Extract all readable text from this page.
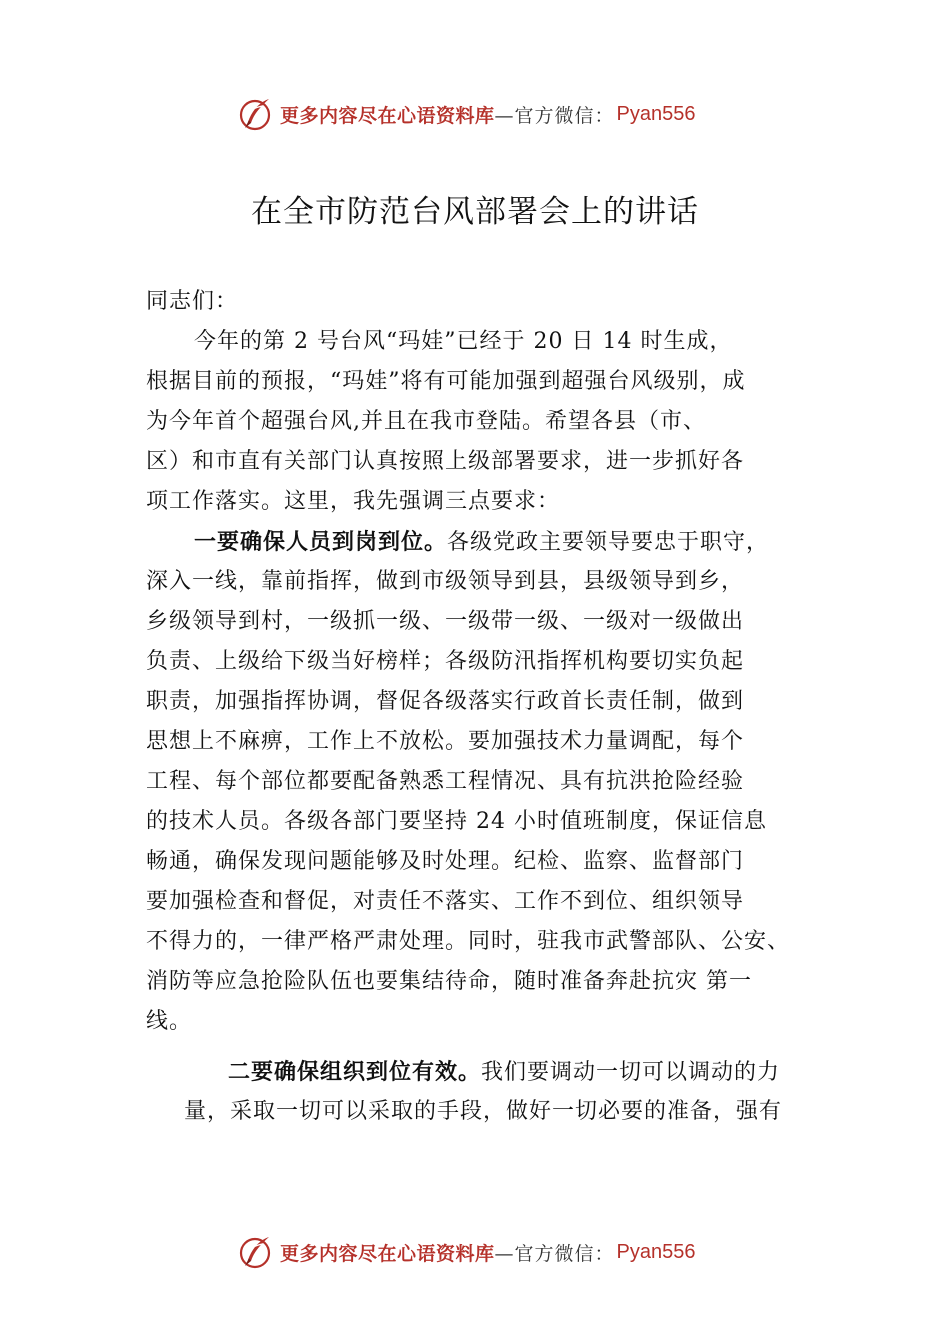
更多内容尽在心语资料库 —官方微信： Pyan556
在全市防范台风部署会上的讲话
同志们：
今年的第 2 号台风“玛娃”已经于 20 日 14 时生成，
根据目前的预报，“玛娃”将有可能加强到超强台风级别，成
为今年首个超强台风,并且在我市登陆。希望各县（市、
区）和市直有关部门认真按照上级部署要求，进一步抓好各
项工作落实。这里，我先强调三点要求：
一要确保人员到岗到位。各级党政主要领导要忠于职守，
深入一线，靠前指挥，做到市级领导到县，县级领导到乡，
乡级领导到村，一级抓一级、一级带一级、一级对一级做出
负责、上级给下级当好榜样；各级防汛指挥机构要切实负起
职责，加强指挥协调，督促各级落实行政首长责任制，做到
思想上不麻痹，工作上不放松。要加强技术力量调配，每个
工程、每个部位都要配备熟悉工程情况、具有抗洪抢险经验
的技术人员。各级各部门要坚持 24 小时值班制度，保证信息
畅通，确保发现问题能够及时处理。纪检、监察、监督部门
要加强检查和督促，对责任不落实、工作不到位、组织领导
不得力的，一律严格严肃处理。同时，驻我市武警部队、公安、
消防等应急抢险队伍也要集结待命，随时准备奔赴抗灾 第一
线。
二要确保组织到位有效。我们要调动一切可以调动的力
量，采取一切可以采取的手段，做好一切必要的准备，强有
更多内容尽在心语资料库 —官方微信： Pyan556
